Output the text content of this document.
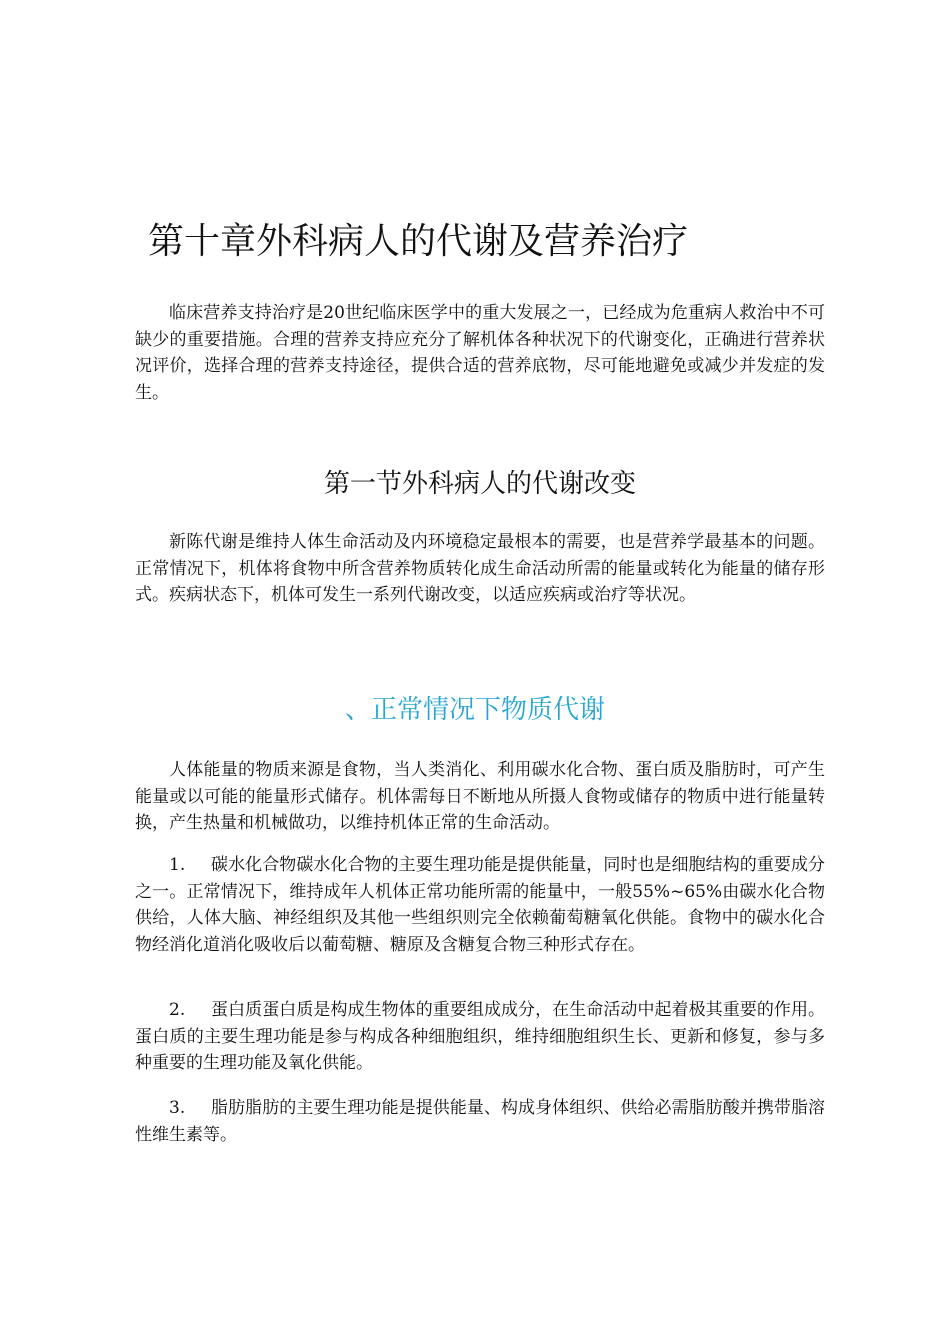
第十章外科病人的代谢及营养治疗

临床营养支持治疗是20世纪临床医学中的重大发展之一，已经成为危重病人救治中不可缺少的重要措施。合理的营养支持应充分了解机体各种状况下的代谢变化，正确进行营养状况评价，选择合理的营养支持途径，提供合适的营养底物，尽可能地避免或减少并发症的发生。

第一节外科病人的代谢改变

新陈代谢是维持人体生命活动及内环境稳定最根本的需要，也是营养学最基本的问题。正常情况下，机体将食物中所含营养物质转化成生命活动所需的能量或转化为能量的储存形式。疾病状态下，机体可发生一系列代谢改变，以适应疾病或治疗等状况。

、正常情况下物质代谢

人体能量的物质来源是食物，当人类消化、利用碳水化合物、蛋白质及脂肪时，可产生能量或以可能的能量形式储存。机体需每日不断地从所摄人食物或储存的物质中进行能量转换，产生热量和机械做功，以维持机体正常的生命活动。

1. 碳水化合物碳水化合物的主要生理功能是提供能量，同时也是细胞结构的重要成分之一。正常情况下，维持成年人机体正常功能所需的能量中，一般55%~65%由碳水化合物供给，人体大脑、神经组织及其他一些组织则完全依赖葡萄糖氧化供能。食物中的碳水化合物经消化道消化吸收后以葡萄糖、糖原及含糖复合物三种形式存在。

2. 蛋白质蛋白质是构成生物体的重要组成成分，在生命活动中起着极其重要的作用。蛋白质的主要生理功能是参与构成各种细胞组织，维持细胞组织生长、更新和修复，参与多种重要的生理功能及氧化供能。

3. 脂肪脂肪的主要生理功能是提供能量、构成身体组织、供给必需脂肪酸并携带脂溶性维生素等。
